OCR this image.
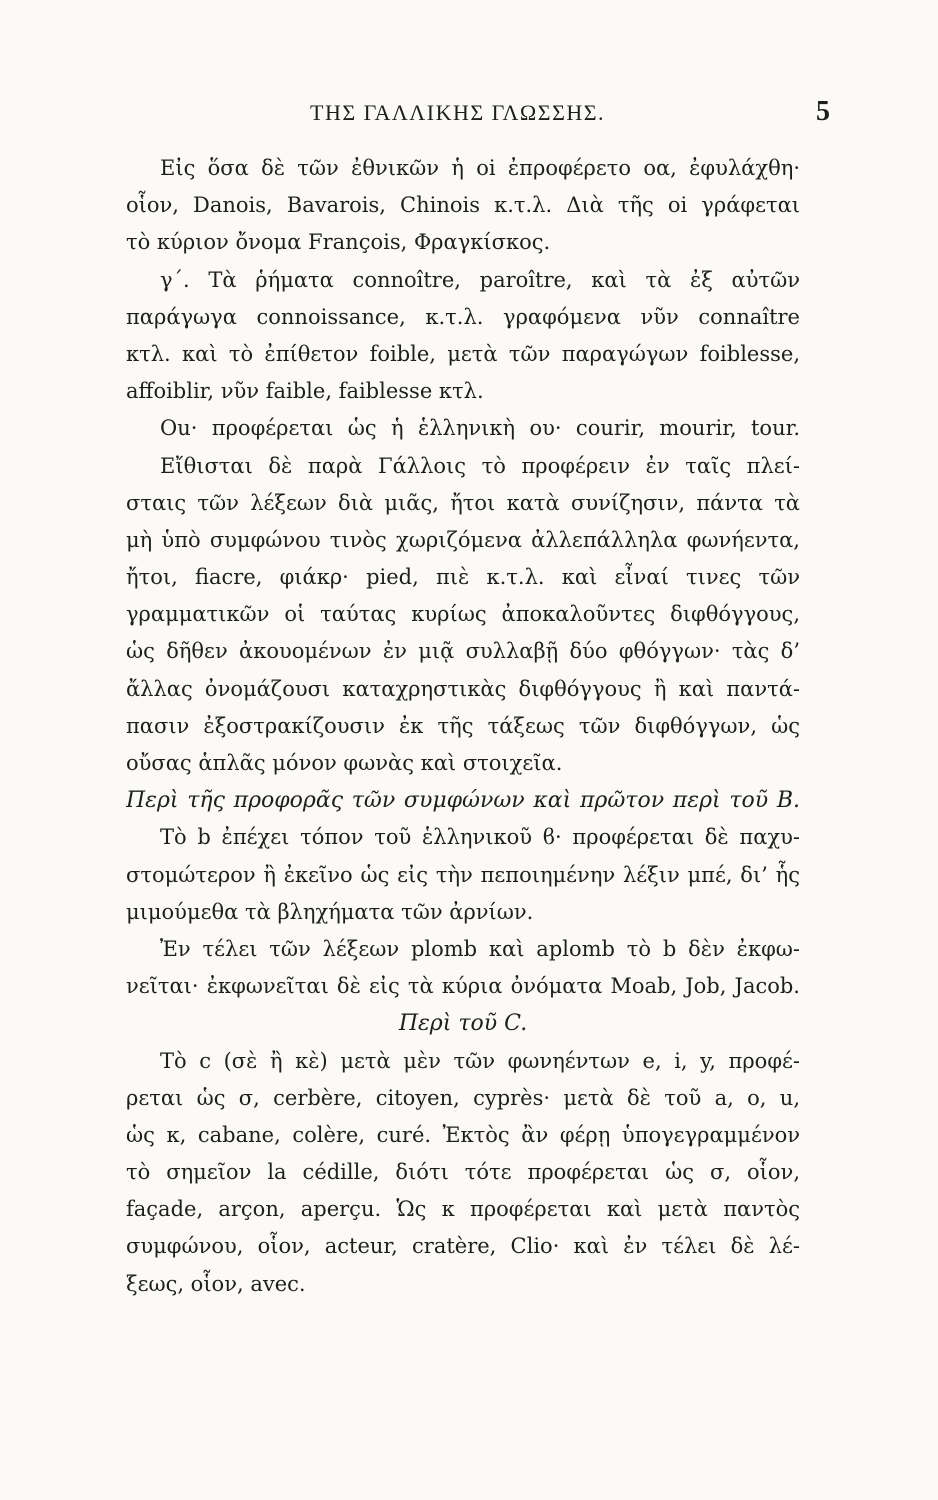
ΤΗΣ ΓΑΛΛΙΚΗΣ ΓΛΩΣΣΗΣ.	5
Εἰς ὅσα δὲ τῶν ἐθνικῶν ἡ oi ἐπροφέρετο οα, ἐφυλάχθη·
οἷον, Danois, Bavarois, Chinois κ.τ.λ. Διὰ τῆς oi γράφεται
τὸ κύριον ὄνομα François, Φραγκίσκος.
γ΄. Τὰ ῥήματα connoître, paroître, καὶ τὰ ἐξ αὐτῶν
παράγωγα connoissance, κ.τ.λ. γραφόμενα νῦν connaître
κτλ. καὶ τὸ ἐπίθετον foible, μετὰ τῶν παραγώγων foiblesse,
affoiblir, νῦν faible, faiblesse κτλ.
Ou· προφέρεται ὡς ἡ ἑλληνικὴ ου· courir, mourir, tour.
Εἴθισται δὲ παρὰ Γάλλοις τὸ προφέρειν ἐν ταῖς πλεί-
σταις τῶν λέξεων διὰ μιᾶς, ἤτοι κατὰ συνίζησιν, πάντα τὰ
μὴ ὑπὸ συμφώνου τινὸς χωριζόμενα ἀλλεπάλληλα φωνήεντα,
ἤτοι, fiacre, φιάκρ· pied, πιὲ κ.τ.λ. καὶ εἶναί τινες τῶν
γραμματικῶν οἱ ταύτας κυρίως ἀποκαλοῦντες διφθόγγους,
ὡς δῆθεν ἀκουομένων ἐν μιᾷ συλλαβῇ δύο φθόγγων· τὰς δ’
ἄλλας ὀνομάζουσι καταχρηστικὰς διφθόγγους ἢ καὶ παντά-
πασιν ἐξοστρακίζουσιν ἐκ τῆς τάξεως τῶν διφθόγγων, ὡς
οὔσας ἁπλᾶς μόνον φωνὰς καὶ στοιχεῖα.
Περὶ τῆς προφορᾶς τῶν συμφώνων καὶ πρῶτον περὶ τοῦ B.
Τὸ b ἐπέχει τόπον τοῦ ἑλληνικοῦ ϐ· προφέρεται δὲ παχυ-
στομώτερον ἢ ἐκεῖνο ὡς εἰς τὴν πεποιημένην λέξιν μπέ, δι’ ἧς
μιμούμεθα τὰ βληχήματα τῶν ἀρνίων.
Ἐν τέλει τῶν λέξεων plomb καὶ aplomb τὸ b δὲν ἐκφω-
νεῖται· ἐκφωνεῖται δὲ εἰς τὰ κύρια ὀνόματα Moab, Job, Jacob.
Περὶ τοῦ C.
Τὸ c (σὲ ἢ κὲ) μετὰ μὲν τῶν φωνηέντων e, i, y, προφέ-
ρεται ὡς σ, cerbère, citoyen, cyprès· μετὰ δὲ τοῦ a, o, u,
ὡς κ, cabane, colère, curé. Ἐκτὸς ἂν φέρῃ ὑπογεγραμμένον
τὸ σημεῖον la cédille, διότι τότε προφέρεται ὡς σ, οἷον,
façade, arçon, aperçu. Ὡς κ προφέρεται καὶ μετὰ παντὸς
συμφώνου, οἷον, acteur, cratère, Clio· καὶ ἐν τέλει δὲ λέ-
ξεως, οἷον, avec.
